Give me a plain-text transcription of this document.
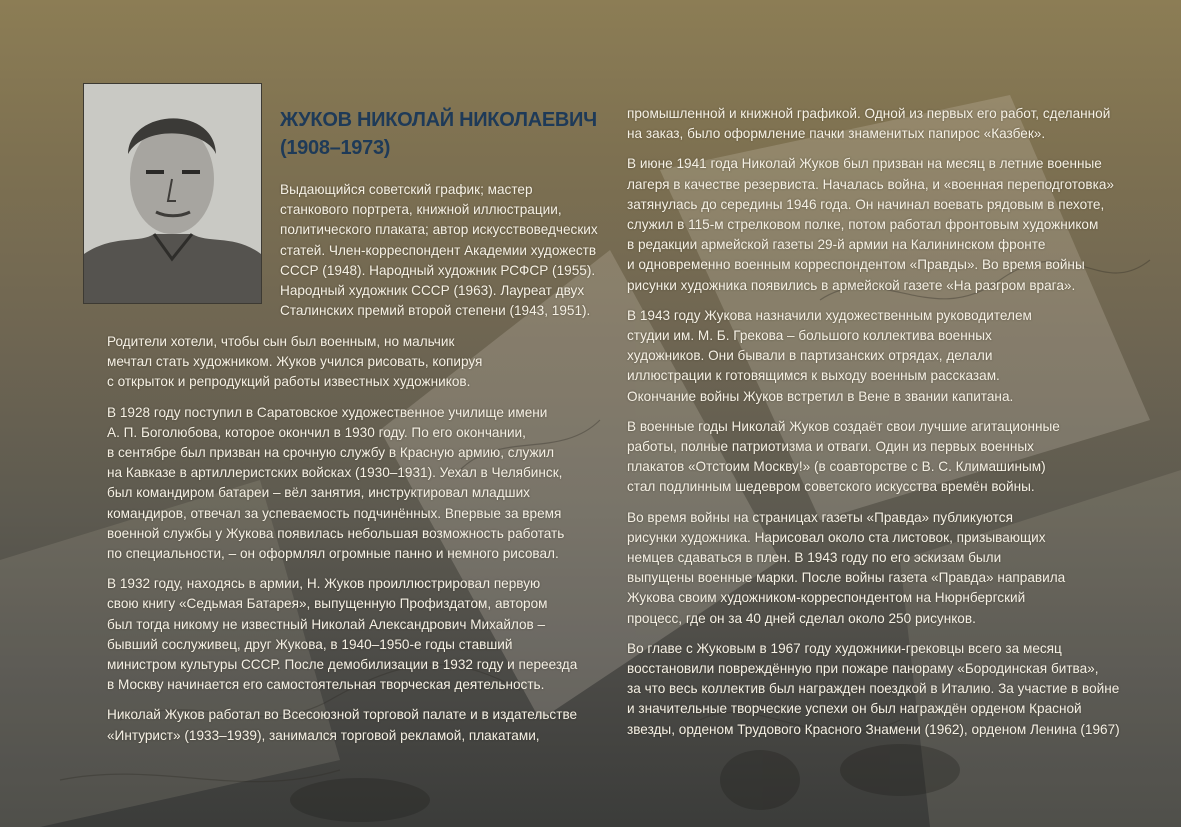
ЖУКОВ НИКОЛАЙ НИКОЛАЕВИЧ
(1908–1973)
Выдающийся советский график; мастер
станкового портрета, книжной иллюстрации,
политического плаката; автор искусствоведческих
статей. Член-корреспондент Академии художеств
СССР (1948). Народный художник РСФСР (1955).
Народный художник СССР (1963). Лауреат двух
Сталинских премий второй степени (1943, 1951).

Родители хотели, чтобы сын был военным, но мальчик
мечтал стать художником. Жуков учился рисовать, копируя
с открыток и репродукций работы известных художников.

В 1928 году поступил в Саратовское художественное училище имени
А. П. Боголюбова, которое окончил в 1930 году. По его окончании,
в сентябре был призван на срочную службу в Красную армию, служил
на Кавказе в артиллеристских войсках (1930–1931). Уехал в Челябинск,
был командиром батареи – вёл занятия, инструктировал младших
командиров, отвечал за успеваемость подчинённых. Впервые за время
военной службы у Жукова появилась небольшая возможность работать
по специальности, – он оформлял огромные панно и немного рисовал.

В 1932 году, находясь в армии, Н. Жуков проиллюстрировал первую
свою книгу «Седьмая Батарея», выпущенную Профиздатом, автором
был тогда никому не известный Николай Александрович Михайлов –
бывший сослуживец, друг Жукова, в 1940–1950-е годы ставший
министром культуры СССР. После демобилизации в 1932 году и переезда
в Москву начинается его самостоятельная творческая деятельность.

Николай Жуков работал во Всесоюзной торговой палате и в издательстве
«Интурист» (1933–1939), занимался торговой рекламой, плакатами,

промышленной и книжной графикой. Одной из первых его работ, сделанной
на заказ, было оформление пачки знаменитых папирос «Казбек».

В июне 1941 года Николай Жуков был призван на месяц в летние военные
лагеря в качестве резервиста. Началась война, и «военная переподготовка»
затянулась до середины 1946 года. Он начинал воевать рядовым в пехоте,
служил в 115-м стрелковом полке, потом работал фронтовым художником
в редакции армейской газеты 29-й армии на Калининском фронте
и одновременно военным корреспондентом «Правды». Во время войны
рисунки художника появились в армейской газете «На разгром врага».

В 1943 году Жукова назначили художественным руководителем
студии им. М. Б. Грекова – большого коллектива военных
художников. Они бывали в партизанских отрядах, делали
иллюстрации к готовящимся к выходу военным рассказам.
Окончание войны Жуков встретил в Вене в звании капитана.

В военные годы Николай Жуков создаёт свои лучшие агитационные
работы, полные патриотизма и отваги. Один из первых военных
плакатов «Отстоим Москву!» (в соавторстве с В. С. Климашиным)
стал подлинным шедевром советского искусства времён войны.

Во время войны на страницах газеты «Правда» публикуются
рисунки художника. Нарисовал около ста листовок, призывающих
немцев сдаваться в плен. В 1943 году по его эскизам были
выпущены военные марки. После войны газета «Правда» направила
Жукова своим художником-корреспондентом на Нюрнбергский
процесс, где он за 40 дней сделал около 250 рисунков.

Во главе с Жуковым в 1967 году художники-грековцы всего за месяц
восстановили повреждённую при пожаре панораму «Бородинская битва»,
за что весь коллектив был награжден поездкой в Италию. За участие в войне
и значительные творческие успехи он был награждён орденом Красной
звезды, орденом Трудового Красного Знамени (1962), орденом Ленина (1967)
